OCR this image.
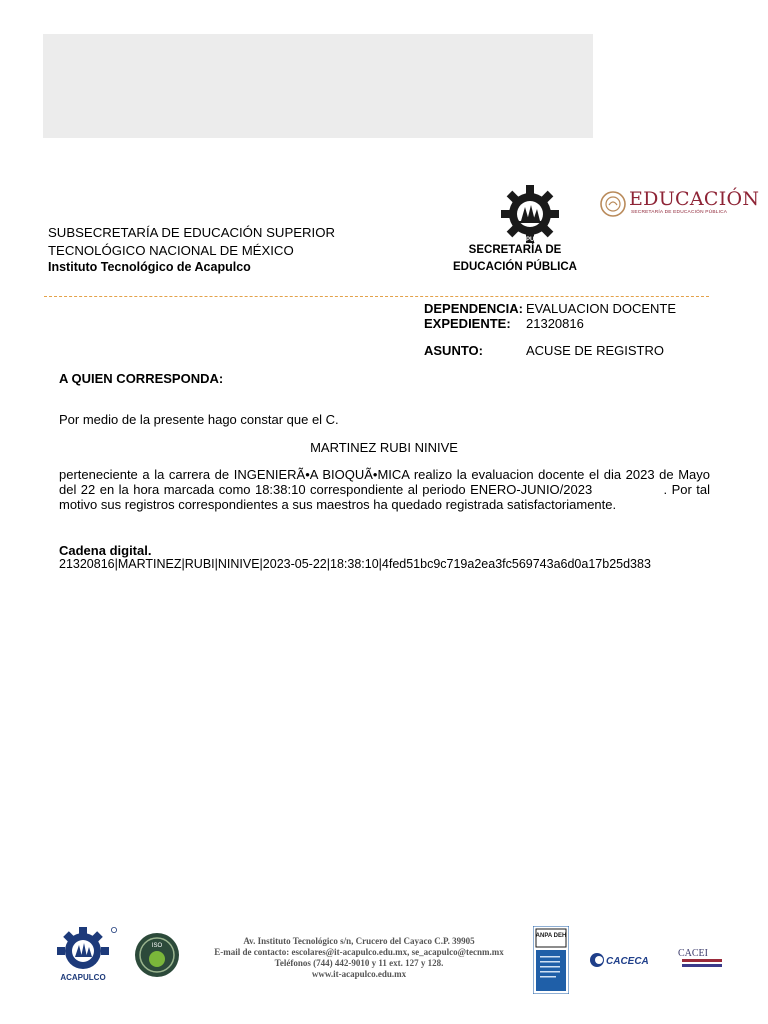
SUBSECRETARÍA DE EDUCACIÓN SUPERIOR
TECNOLÓGICO NACIONAL DE MÉXICO
Instituto Tecnológico de Acapulco
ACAPULCO
SECRETARÍA DE
EDUCACIÓN PÚBLICA
EDUCACIÓN
SECRETARÍA DE EDUCACIÓN PÚBLICA
DEPENDENCIA: EVALUACION DOCENTE
EXPEDIENTE: 21320816
ASUNTO:	ACUSE DE REGISTRO
A QUIEN CORRESPONDA:
Por medio de la presente hago constar que el C.
MARTINEZ RUBI NINIVE
perteneciente a la carrera de INGENIERÃ•A BIOQUÃ•MICA realizo la evaluacion docente el dia 2023 de Mayo del 22 en la hora marcada como 18:38:10 correspondiente al periodo ENERO-JUNIO/2023                . Por tal motivo sus registros correspondientes a sus maestros ha quedado registrada satisfactoriamente.
Cadena digital.
21320816|MARTINEZ|RUBI|NINIVE|2023-05-22|18:38:10|4fed51bc9c719a2ea3fc569743a6d0a17b25d383
ACAPULCO
ISO	Av. Instituto Tecnológico s/n, Crucero del Cayaco C.P. 39905
E-mail de contacto: escolares@it-acapulco.edu.mx, se_acapulco@tecnm.mx
Teléfonos (744) 442-9010 y 11 ext. 127 y 128.
www.it-acapulco.edu.mx
ANPA DEH
CACECA
CACEI
